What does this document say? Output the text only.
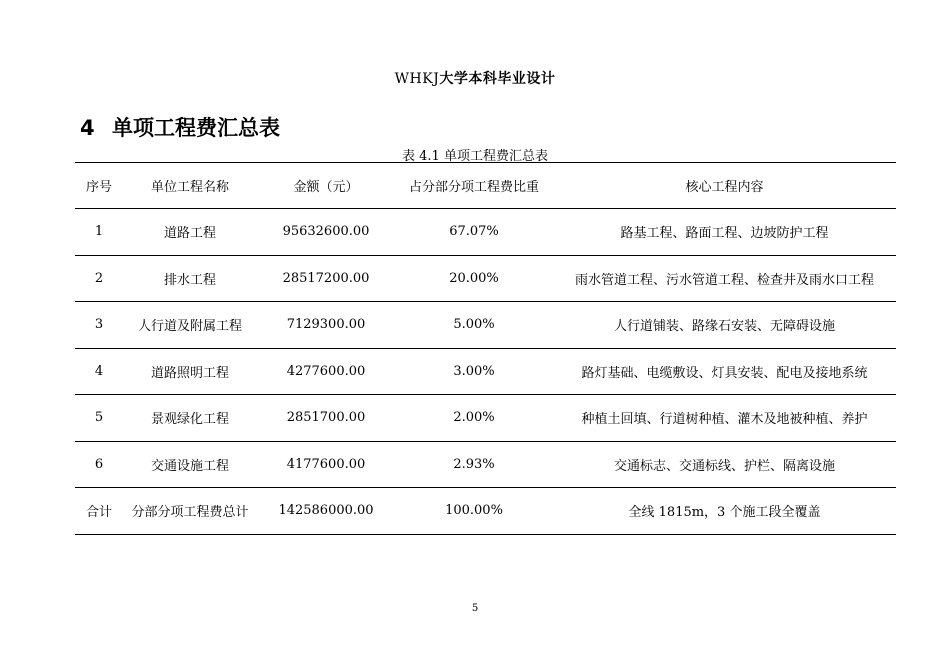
WHKJ大学本科毕业设计
4 单项工程费汇总表
表 4.1 单项工程费汇总表
序号	单位工程名称	金额（元）	占分部分项工程费比重	核心工程内容
1	道路工程	95632600.00	67.07%	路基工程、路面工程、边坡防护工程
2	排水工程	28517200.00	20.00%	雨水管道工程、污水管道工程、检查井及雨水口工程
3	人行道及附属工程	7129300.00	5.00%	人行道铺装、路缘石安装、无障碍设施
4	道路照明工程	4277600.00	3.00%	路灯基础、电缆敷设、灯具安装、配电及接地系统
5	景观绿化工程	2851700.00	2.00%	种植土回填、行道树种植、灌木及地被种植、养护
6	交通设施工程	4177600.00	2.93%	交通标志、交通标线、护栏、隔离设施
合计	分部分项工程费总计	142586000.00	100.00%	全线 1815m，3 个施工段全覆盖
5
